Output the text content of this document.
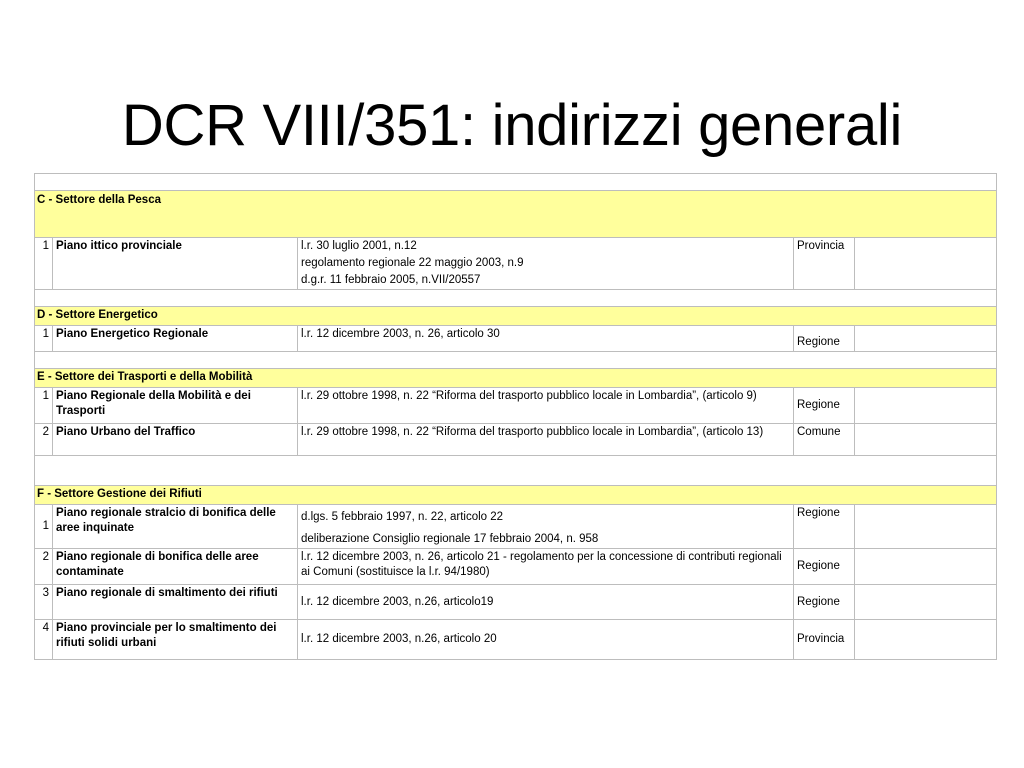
DCR VIII/351: indirizzi generali

C - Settore della Pesca				
1	Piano ittico provinciale	l.r. 30 luglio 2001, n.12
regolamento regionale 22 maggio 2003, n.9
d.g.r. 11 febbraio 2005, n.VII/20557	Provincia	

D - Settore Energetico				
1	Piano Energetico Regionale	l.r. 12 dicembre 2003, n. 26, articolo 30	Regione	

E - Settore dei Trasporti e della Mobilità				
1	Piano Regionale della Mobilità e dei Trasporti	l.r. 29 ottobre 1998, n. 22 “Riforma del trasporto pubblico locale in Lombardia”, (articolo 9)	Regione	
2	Piano Urbano del Traffico	l.r. 29 ottobre 1998, n. 22 “Riforma del trasporto pubblico locale in Lombardia”, (articolo 13)	Comune	

F - Settore Gestione dei Rifiuti				
1	Piano regionale stralcio di bonifica delle aree inquinate	d.lgs. 5 febbraio 1997, n. 22, articolo 22
deliberazione Consiglio regionale 17 febbraio 2004, n. 958	Regione	
2	Piano regionale di bonifica delle aree contaminate	l.r. 12 dicembre 2003, n. 26, articolo 21 - regolamento per la concessione di contributi regionali ai Comuni (sostituisce la l.r. 94/1980)	Regione	
3	Piano regionale di smaltimento dei rifiuti	l.r. 12 dicembre 2003, n.26, articolo19	Regione	
4	Piano provinciale per lo smaltimento dei rifiuti solidi urbani	l.r. 12 dicembre 2003, n.26, articolo 20	Provincia	
